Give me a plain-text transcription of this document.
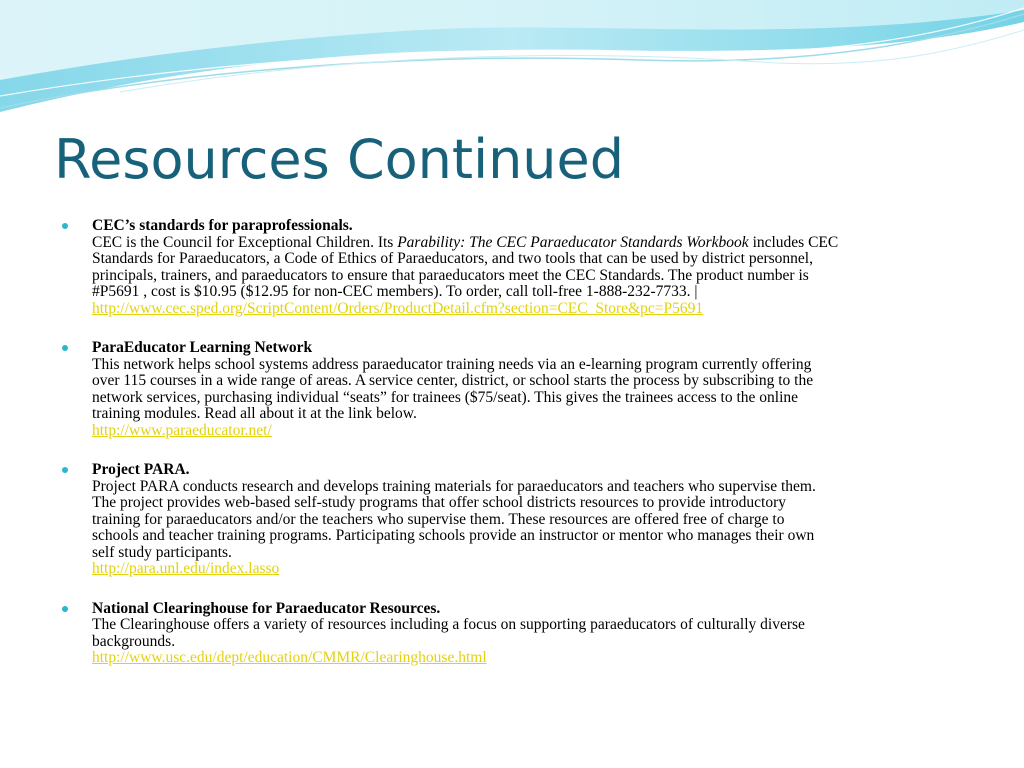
Resources Continued
CEC’s standards for paraprofessionals.
CEC is the Council for Exceptional Children. Its Parability: The CEC Paraeducator Standards Workbook includes CEC
Standards for Paraeducators, a Code of Ethics of Paraeducators, and two tools that can be used by district personnel,
principals, trainers, and paraeducators to ensure that paraeducators meet the CEC Standards. The product number is
#P5691 , cost is $10.95 ($12.95 for non-CEC members). To order, call toll-free 1-888-232-7733. |
http://www.cec.sped.org/ScriptContent/Orders/ProductDetail.cfm?section=CEC_Store&pc=P5691
ParaEducator Learning Network
This network helps school systems address paraeducator training needs via an e-learning program currently offering
over 115 courses in a wide range of areas. A service center, district, or school starts the process by subscribing to the
network services, purchasing individual “seats” for trainees ($75/seat). This gives the trainees access to the online
training modules. Read all about it at the link below.
http://www.paraeducator.net/
Project PARA.
Project PARA conducts research and develops training materials for paraeducators and teachers who supervise them.
The project provides web-based self-study programs that offer school districts resources to provide introductory
training for paraeducators and/or the teachers who supervise them. These resources are offered free of charge to
schools and teacher training programs. Participating schools provide an instructor or mentor who manages their own
self study participants.
http://para.unl.edu/index.lasso
National Clearinghouse for Paraeducator Resources.
The Clearinghouse offers a variety of resources including a focus on supporting paraeducators of culturally diverse
backgrounds.
http://www.usc.edu/dept/education/CMMR/Clearinghouse.html
